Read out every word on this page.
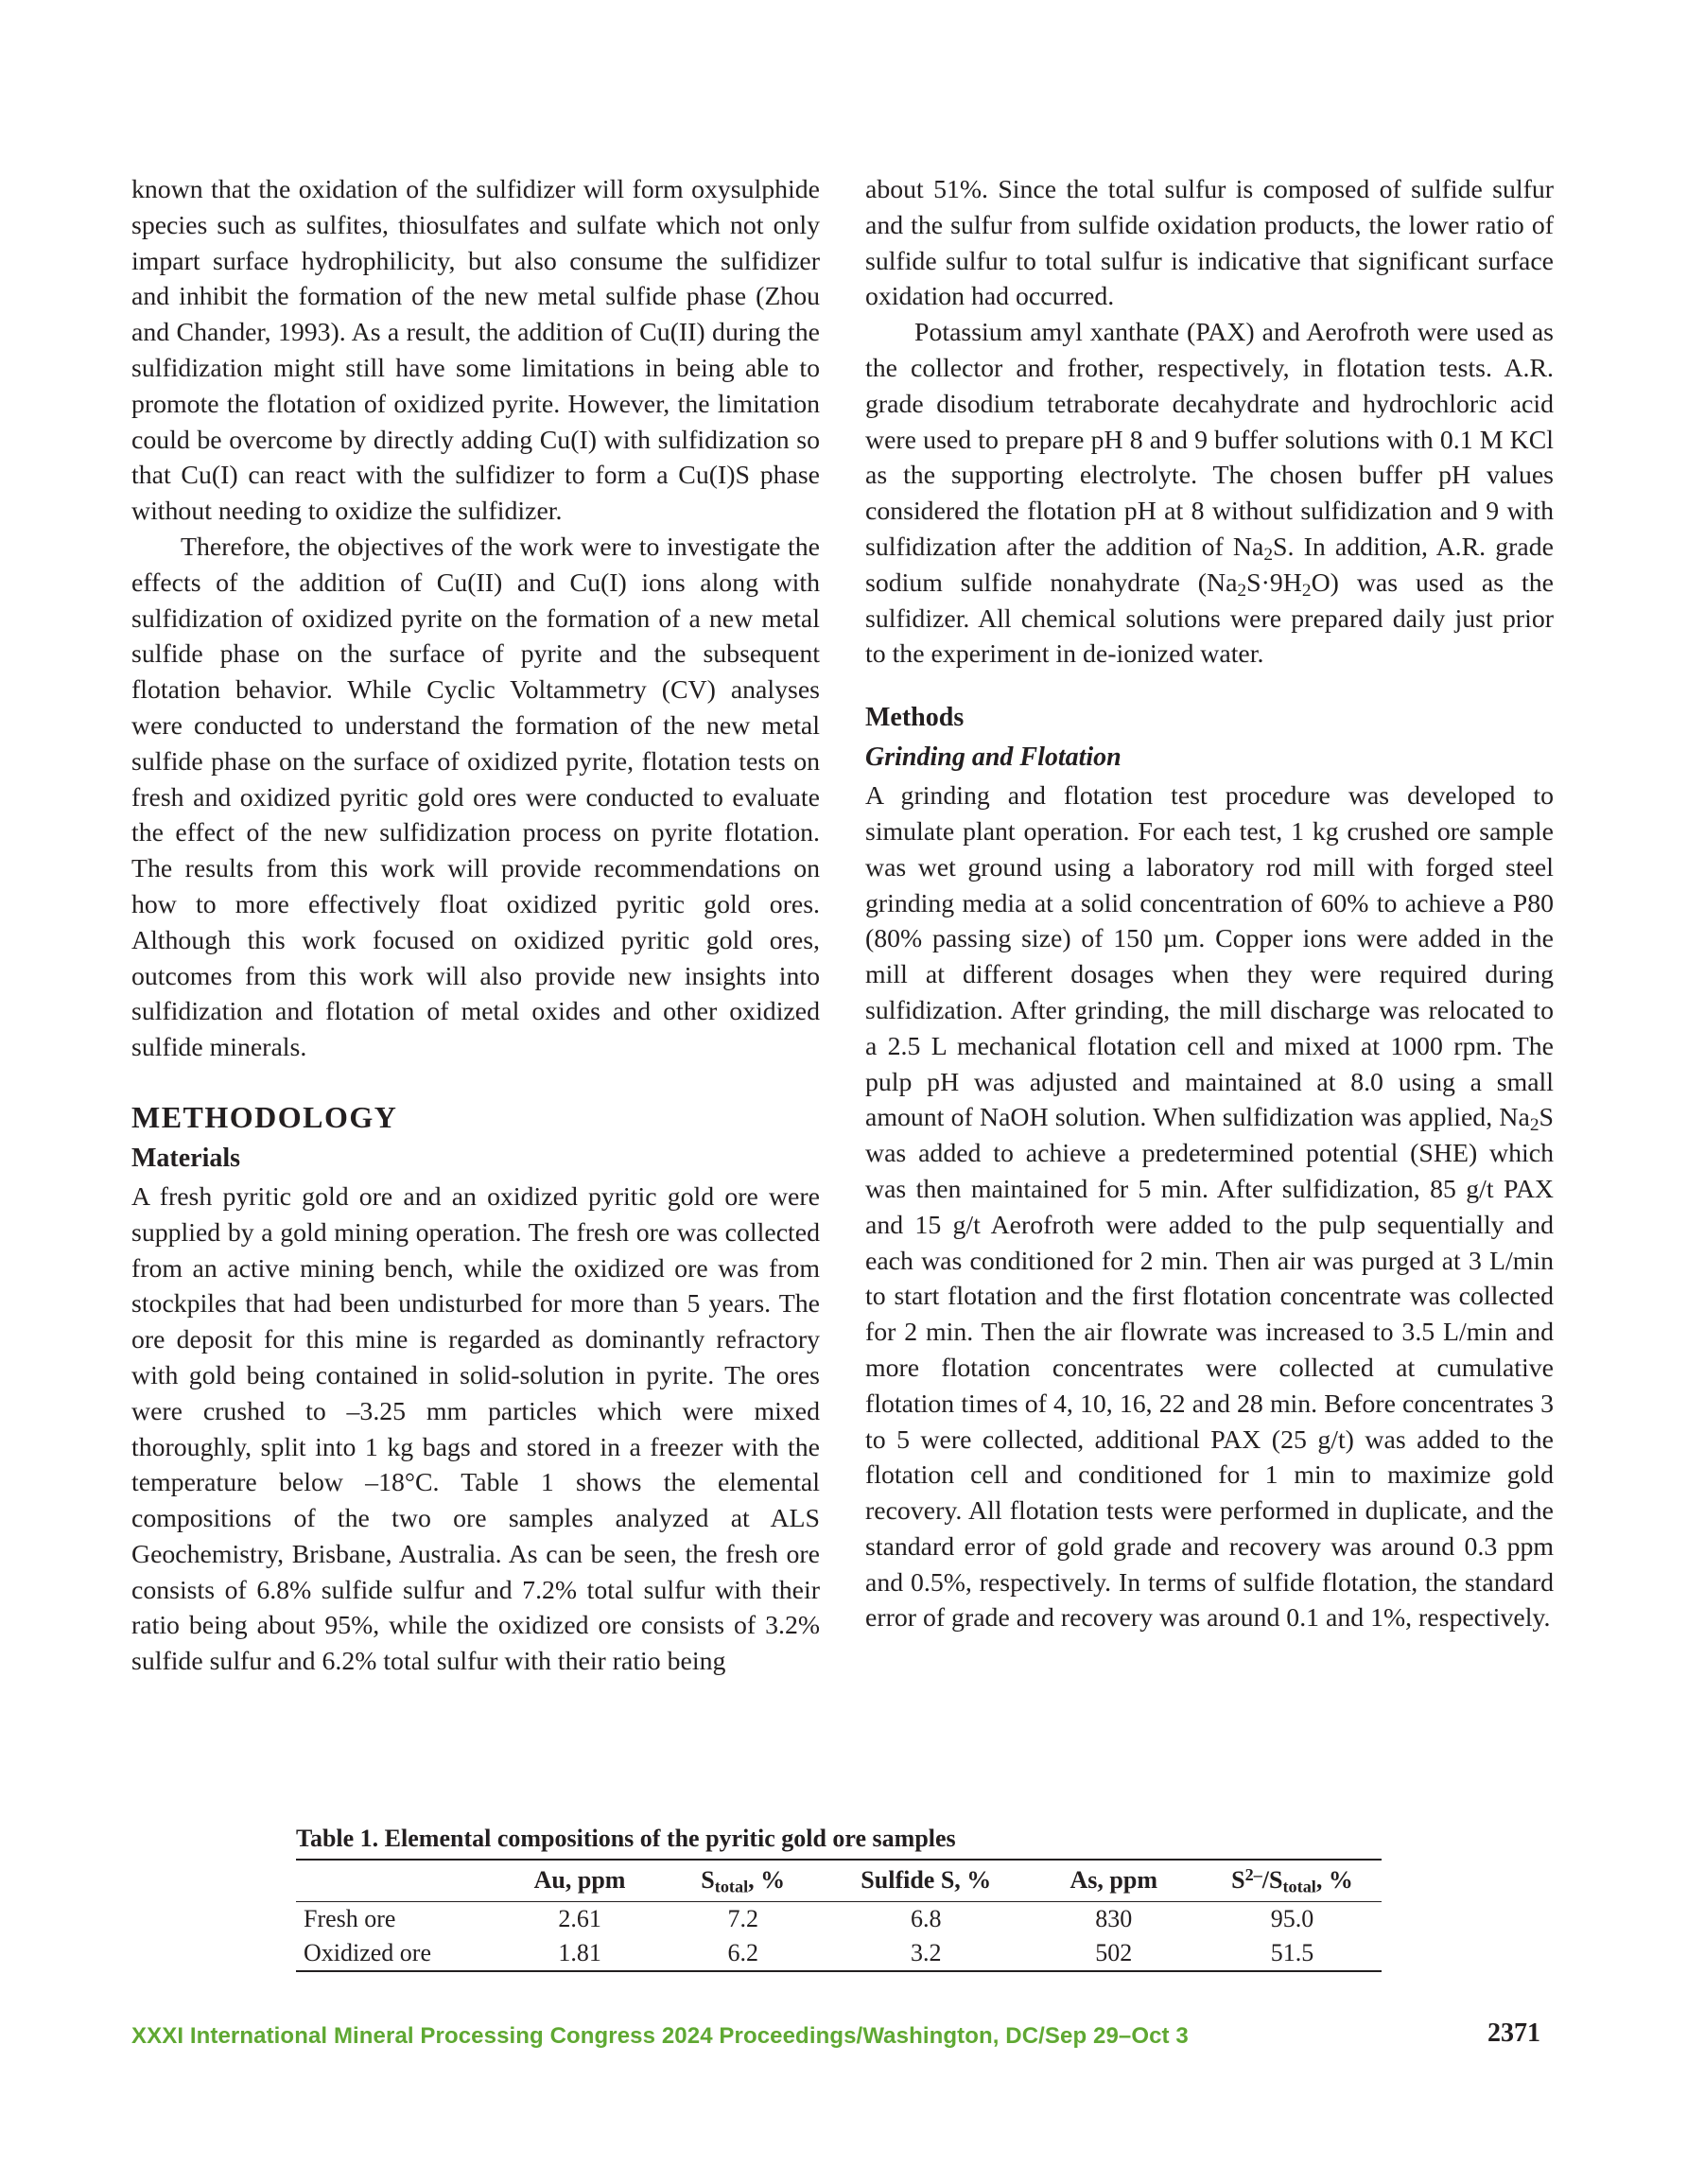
known that the oxidation of the sulfidizer will form oxysulphide species such as sulfites, thiosulfates and sulfate which not only impart surface hydrophilicity, but also consume the sulfidizer and inhibit the formation of the new metal sulfide phase (Zhou and Chander, 1993). As a result, the addition of Cu(II) during the sulfidization might still have some limitations in being able to promote the flotation of oxidized pyrite. However, the limitation could be overcome by directly adding Cu(I) with sulfidization so that Cu(I) can react with the sulfidizer to form a Cu(I)S phase without needing to oxidize the sulfidizer.

Therefore, the objectives of the work were to investigate the effects of the addition of Cu(II) and Cu(I) ions along with sulfidization of oxidized pyrite on the formation of a new metal sulfide phase on the surface of pyrite and the subsequent flotation behavior. While Cyclic Voltammetry (CV) analyses were conducted to understand the formation of the new metal sulfide phase on the surface of oxidized pyrite, flotation tests on fresh and oxidized pyritic gold ores were conducted to evaluate the effect of the new sulfidization process on pyrite flotation. The results from this work will provide recommendations on how to more effectively float oxidized pyritic gold ores. Although this work focused on oxidized pyritic gold ores, outcomes from this work will also provide new insights into sulfidization and flotation of metal oxides and other oxidized sulfide minerals.

METHODOLOGY
Materials

A fresh pyritic gold ore and an oxidized pyritic gold ore were supplied by a gold mining operation. The fresh ore was collected from an active mining bench, while the oxidized ore was from stockpiles that had been undisturbed for more than 5 years. The ore deposit for this mine is regarded as dominantly refractory with gold being contained in solid-solution in pyrite. The ores were crushed to –3.25 mm particles which were mixed thoroughly, split into 1 kg bags and stored in a freezer with the temperature below –18°C. Table 1 shows the elemental compositions of the two ore samples analyzed at ALS Geochemistry, Brisbane, Australia. As can be seen, the fresh ore consists of 6.8% sulfide sulfur and 7.2% total sulfur with their ratio being about 95%, while the oxidized ore consists of 3.2% sulfide sulfur and 6.2% total sulfur with their ratio being

about 51%. Since the total sulfur is composed of sulfide sulfur and the sulfur from sulfide oxidation products, the lower ratio of sulfide sulfur to total sulfur is indicative that significant surface oxidation had occurred.

Potassium amyl xanthate (PAX) and Aerofroth were used as the collector and frother, respectively, in flotation tests. A.R. grade disodium tetraborate decahydrate and hydrochloric acid were used to prepare pH 8 and 9 buffer solutions with 0.1 M KCl as the supporting electrolyte. The chosen buffer pH values considered the flotation pH at 8 without sulfidization and 9 with sulfidization after the addition of $Na_2S$. In addition, A.R. grade sodium sulfide nonahydrate $(Na_2S\cdot 9H_2O)$ was used as the sulfidizer. All chemical solutions were prepared daily just prior to the experiment in de-ionized water.

Methods
Grinding and Flotation

A grinding and flotation test procedure was developed to simulate plant operation. For each test, 1 kg crushed ore sample was wet ground using a laboratory rod mill with forged steel grinding media at a solid concentration of 60% to achieve a P80 (80% passing size) of 150 µm. Copper ions were added in the mill at different dosages when they were required during sulfidization. After grinding, the mill discharge was relocated to a 2.5 L mechanical flotation cell and mixed at 1000 rpm. The pulp pH was adjusted and maintained at 8.0 using a small amount of NaOH solution. When sulfidization was applied, $Na_2S$ was added to achieve a predetermined potential (SHE) which was then maintained for 5 min. After sulfidization, 85 g/t PAX and 15 g/t Aerofroth were added to the pulp sequentially and each was conditioned for 2 min. Then air was purged at 3 L/min to start flotation and the first flotation concentrate was collected for 2 min. Then the air flowrate was increased to 3.5 L/min and more flotation concentrates were collected at cumulative flotation times of 4, 10, 16, 22 and 28 min. Before concentrates 3 to 5 were collected, additional PAX (25 g/t) was added to the flotation cell and conditioned for 1 min to maximize gold recovery. All flotation tests were performed in duplicate, and the standard error of gold grade and recovery was around 0.3 ppm and 0.5%, respectively. In terms of sulfide flotation, the standard error of grade and recovery was around 0.1 and 1%, respectively.

Table 1. Elemental compositions of the pyritic gold ore samples
	Au, ppm	$S_{total}$, %	Sulfide S, %	As, ppm	$S^{2-}/S_{total}$, %
Fresh ore	2.61	7.2	6.8	830	95.0
Oxidized ore	1.81	6.2	3.2	502	51.5
XXXI International Mineral Processing Congress 2024 Proceedings/Washington, DC/Sep 29–Oct 3	2371
